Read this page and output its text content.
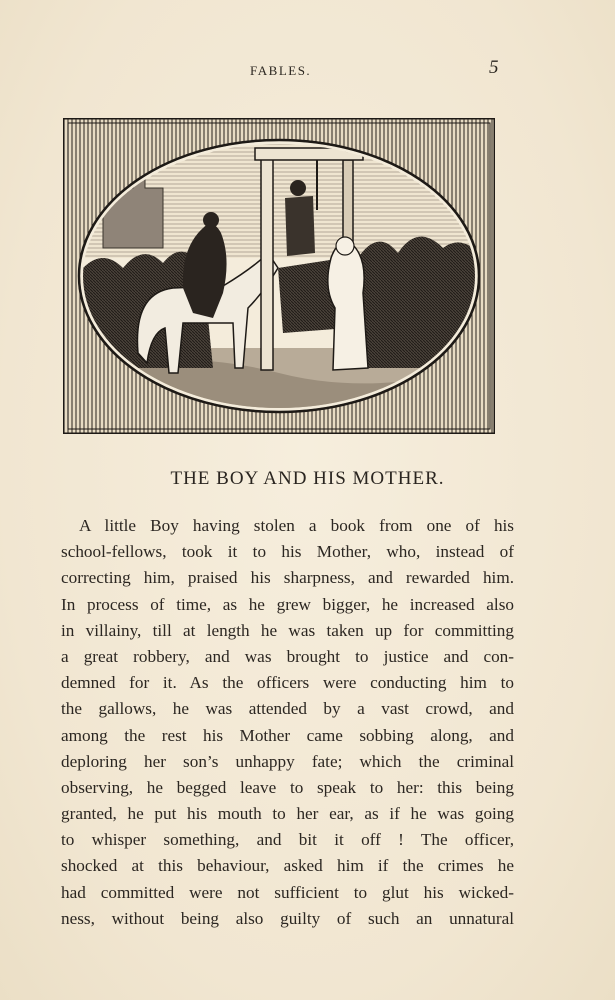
FABLES.	5
THE BOY AND HIS MOTHER.
A little Boy having stolen a book from one of his
school-fellows, took it to his Mother, who, instead of
correcting him, praised his sharpness, and rewarded him.
In process of time, as he grew bigger, he increased also
in villainy, till at length he was taken up for committing
a great robbery, and was brought to justice and con-
demned for it. As the officers were conducting him to
the gallows, he was attended by a vast crowd, and
among the rest his Mother came sobbing along, and
deploring her son’s unhappy fate; which the criminal
observing, he begged leave to speak to her: this being
granted, he put his mouth to her ear, as if he was going
to whisper something, and bit it off ! The officer,
shocked at this behaviour, asked him if the crimes he
had committed were not sufficient to glut his wicked-
ness, without being also guilty of such an unnatural
